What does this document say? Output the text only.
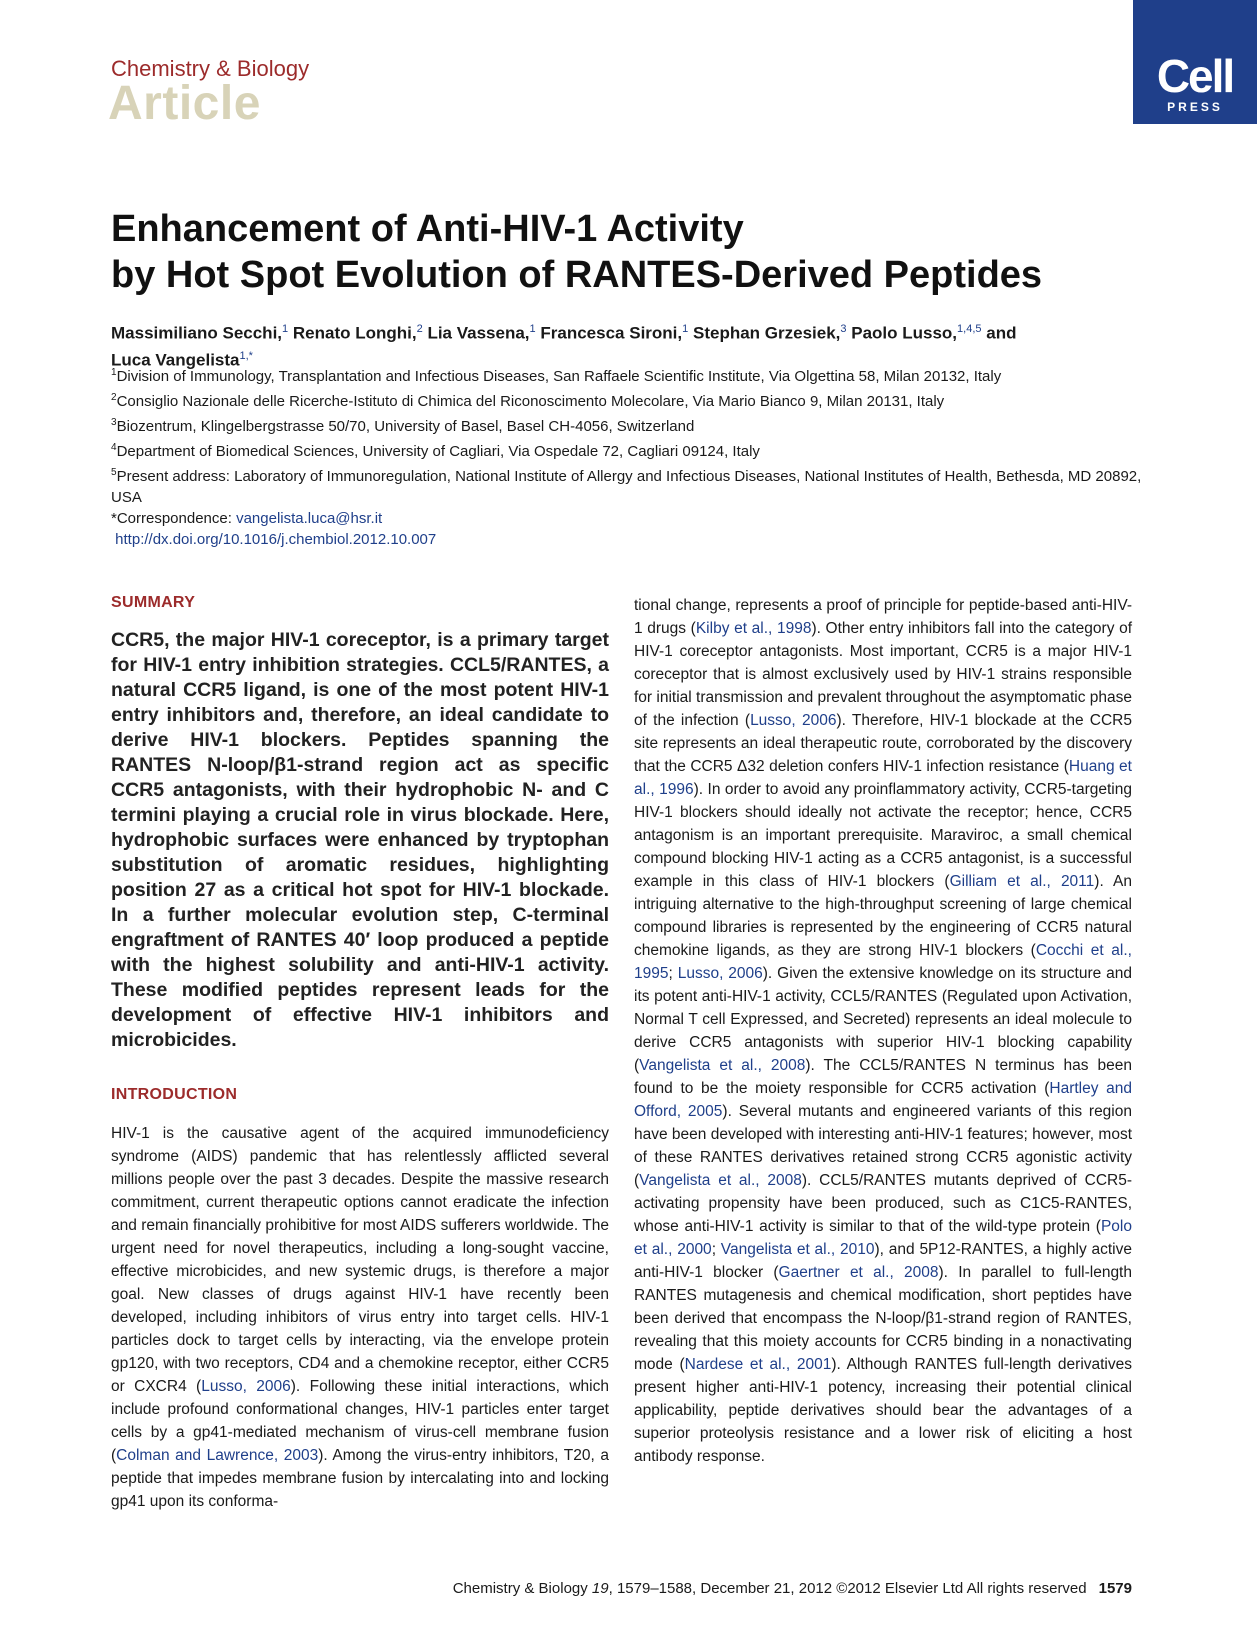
Chemistry & Biology
Article
Cell
PRESS
Enhancement of Anti-HIV-1 Activity
by Hot Spot Evolution of RANTES-Derived Peptides
Massimiliano Secchi,$^1$ Renato Longhi,$^2$ Lia Vassena,$^1$ Francesca Sironi,$^1$ Stephan Grzesiek,$^3$ Paolo Lusso,$^{1,4,5}$ and
Luca Vangelista$^{1,*}$

$^1$Division of Immunology, Transplantation and Infectious Diseases, San Raffaele Scientific Institute, Via Olgettina 58, Milan 20132, Italy

$^2$Consiglio Nazionale delle Ricerche-Istituto di Chimica del Riconoscimento Molecolare, Via Mario Bianco 9, Milan 20131, Italy

$^3$Biozentrum, Klingelbergstrasse 50/70, University of Basel, Basel CH-4056, Switzerland

$^4$Department of Biomedical Sciences, University of Cagliari, Via Ospedale 72, Cagliari 09124, Italy

$^5$Present address: Laboratory of Immunoregulation, National Institute of Allergy and Infectious Diseases, National Institutes of Health, Bethesda, MD 20892, USA

*Correspondence: vangelista.luca@hsr.it

http://dx.doi.org/10.1016/j.chembiol.2012.10.007

SUMMARY

CCR5, the major HIV-1 coreceptor, is a primary target for HIV-1 entry inhibition strategies. CCL5/RANTES, a natural CCR5 ligand, is one of the most potent HIV-1 entry inhibitors and, therefore, an ideal candidate to derive HIV-1 blockers. Peptides spanning the RANTES N-loop/β1-strand region act as specific CCR5 antagonists, with their hydrophobic N- and C termini playing a crucial role in virus blockade. Here, hydrophobic surfaces were enhanced by tryptophan substitution of aromatic residues, highlighting position 27 as a critical hot spot for HIV-1 blockade. In a further molecular evolution step, C-terminal engraftment of RANTES 40′ loop produced a peptide with the highest solubility and anti-HIV-1 activity. These modified peptides represent leads for the development of effective HIV-1 inhibitors and microbicides.

INTRODUCTION

HIV-1 is the causative agent of the acquired immunodeficiency syndrome (AIDS) pandemic that has relentlessly afflicted several millions people over the past 3 decades. Despite the massive research commitment, current therapeutic options cannot eradicate the infection and remain financially prohibitive for most AIDS sufferers worldwide. The urgent need for novel therapeutics, including a long-sought vaccine, effective microbicides, and new systemic drugs, is therefore a major goal. New classes of drugs against HIV-1 have recently been developed, including inhibitors of virus entry into target cells. HIV-1 particles dock to target cells by interacting, via the envelope protein gp120, with two receptors, CD4 and a chemokine receptor, either CCR5 or CXCR4 (Lusso, 2006). Following these initial interactions, which include profound conformational changes, HIV-1 particles enter target cells by a gp41-mediated mechanism of virus-cell membrane fusion (Colman and Lawrence, 2003). Among the virus-entry inhibitors, T20, a peptide that impedes membrane fusion by intercalating into and locking gp41 upon its conforma-

tional change, represents a proof of principle for peptide-based anti-HIV-1 drugs (Kilby et al., 1998). Other entry inhibitors fall into the category of HIV-1 coreceptor antagonists. Most important, CCR5 is a major HIV-1 coreceptor that is almost exclusively used by HIV-1 strains responsible for initial transmission and prevalent throughout the asymptomatic phase of the infection (Lusso, 2006). Therefore, HIV-1 blockade at the CCR5 site represents an ideal therapeutic route, corroborated by the discovery that the CCR5 Δ32 deletion confers HIV-1 infection resistance (Huang et al., 1996). In order to avoid any proinflammatory activity, CCR5-targeting HIV-1 blockers should ideally not activate the receptor; hence, CCR5 antagonism is an important prerequisite. Maraviroc, a small chemical compound blocking HIV-1 acting as a CCR5 antagonist, is a successful example in this class of HIV-1 blockers (Gilliam et al., 2011). An intriguing alternative to the high-throughput screening of large chemical compound libraries is represented by the engineering of CCR5 natural chemokine ligands, as they are strong HIV-1 blockers (Cocchi et al., 1995; Lusso, 2006). Given the extensive knowledge on its structure and its potent anti-HIV-1 activity, CCL5/RANTES (Regulated upon Activation, Normal T cell Expressed, and Secreted) represents an ideal molecule to derive CCR5 antagonists with superior HIV-1 blocking capability (Vangelista et al., 2008). The CCL5/RANTES N terminus has been found to be the moiety responsible for CCR5 activation (Hartley and Offord, 2005). Several mutants and engineered variants of this region have been developed with interesting anti-HIV-1 features; however, most of these RANTES derivatives retained strong CCR5 agonistic activity (Vangelista et al., 2008). CCL5/RANTES mutants deprived of CCR5-activating propensity have been produced, such as C1C5-RANTES, whose anti-HIV-1 activity is similar to that of the wild-type protein (Polo et al., 2000; Vangelista et al., 2010), and 5P12-RANTES, a highly active anti-HIV-1 blocker (Gaertner et al., 2008). In parallel to full-length RANTES mutagenesis and chemical modification, short peptides have been derived that encompass the N-loop/β1-strand region of RANTES, revealing that this moiety accounts for CCR5 binding in a nonactivating mode (Nardese et al., 2001). Although RANTES full-length derivatives present higher anti-HIV-1 potency, increasing their potential clinical applicability, peptide derivatives should bear the advantages of a superior proteolysis resistance and a lower risk of eliciting a host antibody response.

Chemistry & Biology 19, 1579–1588, December 21, 2012 ©2012 Elsevier Ltd All rights reserved 1579
